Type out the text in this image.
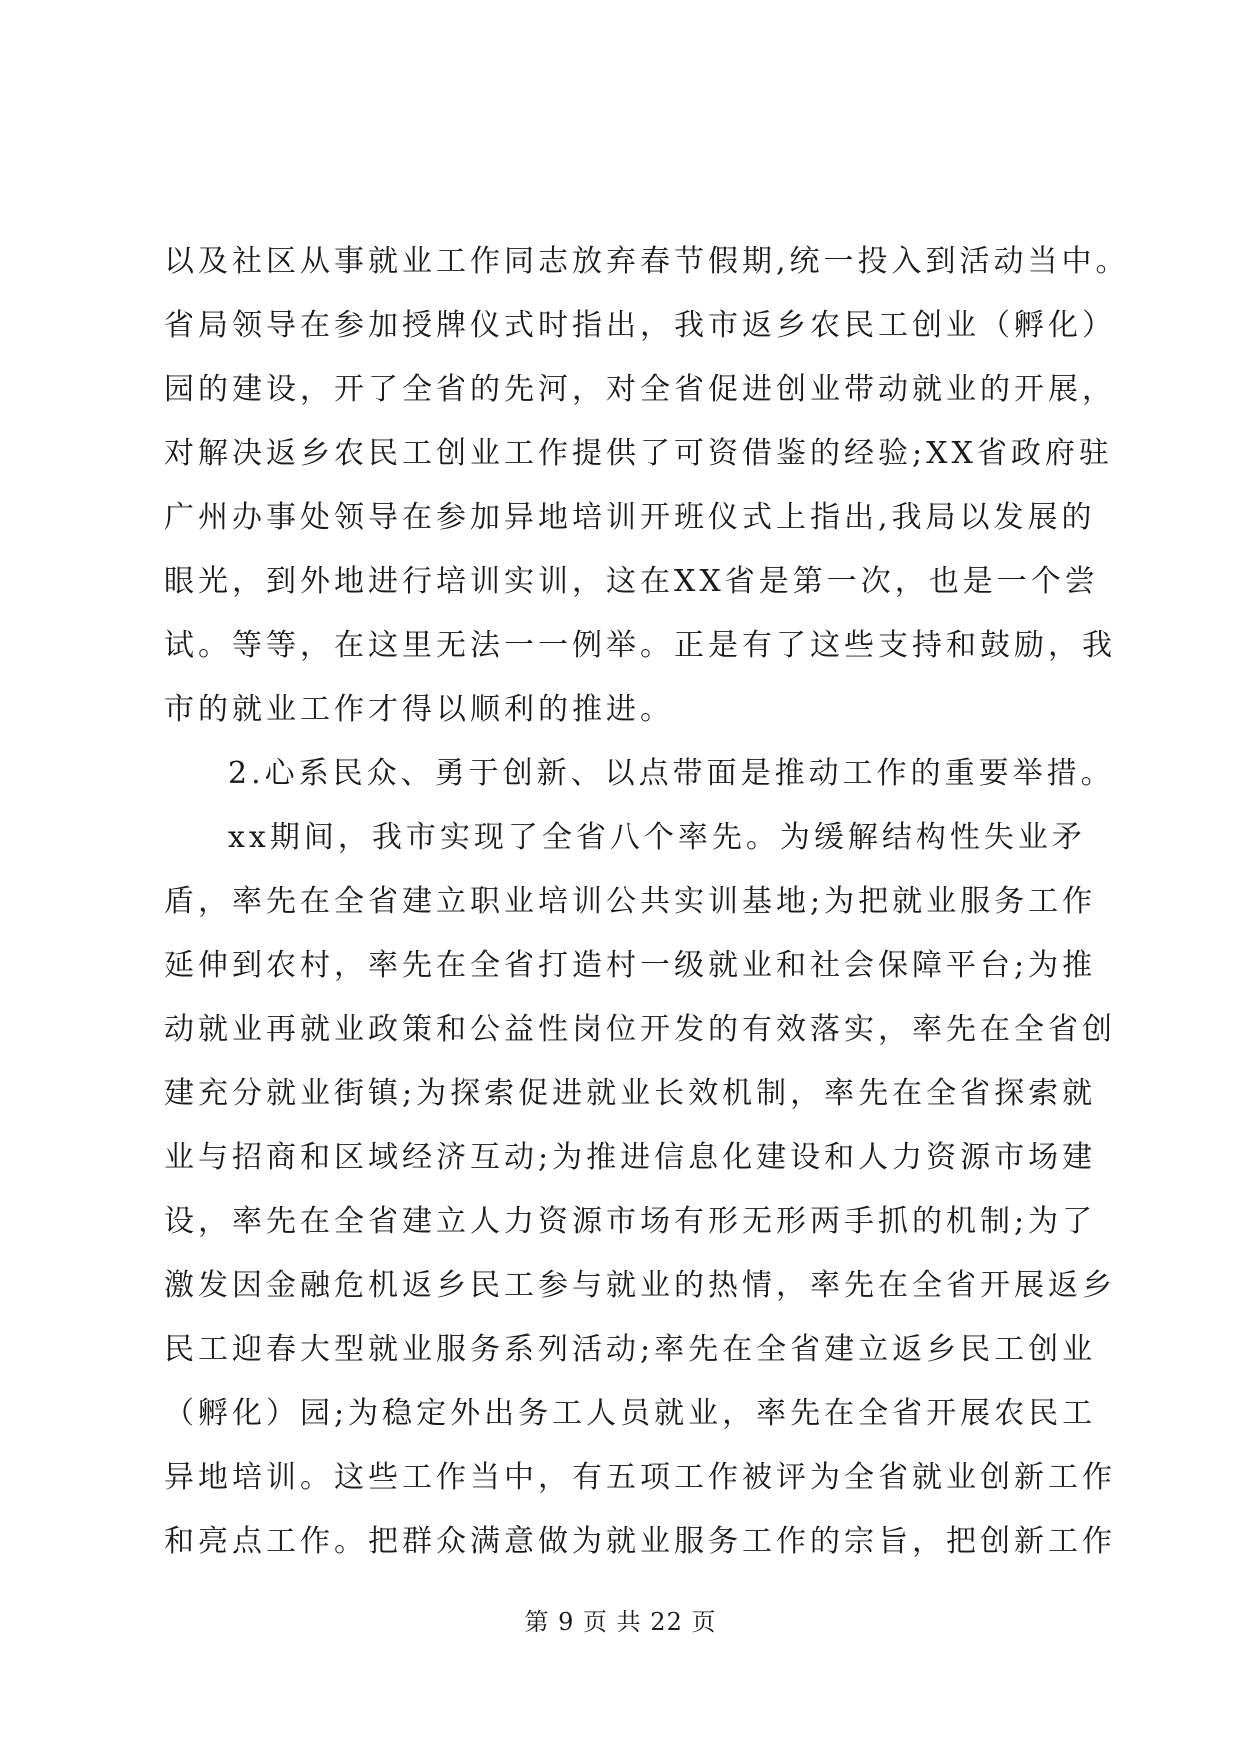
以及社区从事就业工作同志放弃春节假期,统一投入到活动当中。
省局领导在参加授牌仪式时指出，我市返乡农民工创业（孵化）
园的建设，开了全省的先河，对全省促进创业带动就业的开展，
对解决返乡农民工创业工作提供了可资借鉴的经验;XX省政府驻
广州办事处领导在参加异地培训开班仪式上指出,我局以发展的
眼光，到外地进行培训实训，这在XX省是第一次，也是一个尝
试。等等，在这里无法一一例举。正是有了这些支持和鼓励，我
市的就业工作才得以顺利的推进。
2.心系民众、勇于创新、以点带面是推动工作的重要举措。
xx期间，我市实现了全省八个率先。为缓解结构性失业矛
盾，率先在全省建立职业培训公共实训基地;为把就业服务工作
延伸到农村，率先在全省打造村一级就业和社会保障平台;为推
动就业再就业政策和公益性岗位开发的有效落实，率先在全省创
建充分就业街镇;为探索促进就业长效机制，率先在全省探索就
业与招商和区域经济互动;为推进信息化建设和人力资源市场建
设，率先在全省建立人力资源市场有形无形两手抓的机制;为了
激发因金融危机返乡民工参与就业的热情，率先在全省开展返乡
民工迎春大型就业服务系列活动;率先在全省建立返乡民工创业
（孵化）园;为稳定外出务工人员就业，率先在全省开展农民工
异地培训。这些工作当中，有五项工作被评为全省就业创新工作
和亮点工作。把群众满意做为就业服务工作的宗旨，把创新工作
第 9 页 共 22 页
